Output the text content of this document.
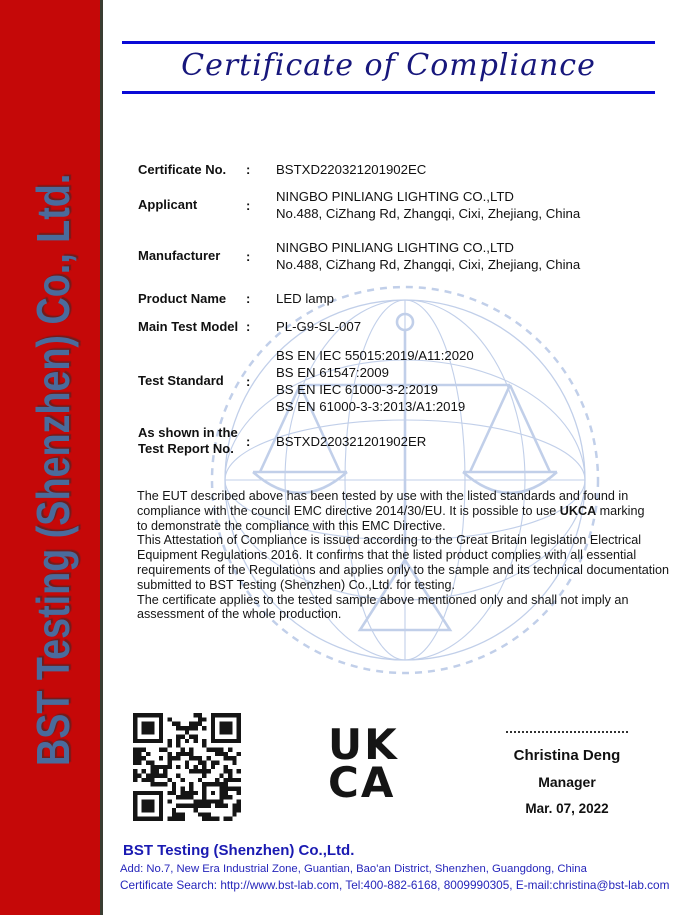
BST Testing (Shenzhen) Co., Ltd.
Certificate of Compliance
Certificate No.	:	BSTXD220321201902EC
Applicant	:
NINGBO PINLIANG LIGHTING CO.,LTD
No.488, CiZhang Rd, Zhangqi, Cixi, Zhejiang, China
Manufacturer	:
NINGBO PINLIANG LIGHTING CO.,LTD
No.488, CiZhang Rd, Zhangqi, Cixi, Zhejiang, China
Product Name	:	LED lamp
Main Test Model :	PL-G9-SL-007
Test Standard	:
BS EN IEC 55015:2019/A11:2020
BS EN 61547:2009
BS EN IEC 61000-3-2:2019
BS EN 61000-3-3:2013/A1:2019
As shown in the Test Report No. :	BSTXD220321201902ER
The EUT described above has been tested by use with the listed standards and found in
compliance with the council EMC directive 2014/30/EU. It is possible to use UKCA marking
to demonstrate the compliance with this EMC Directive.
This Attestation of Compliance is issued according to the Great Britain legislation Electrical
Equipment Regulations 2016. It confirms that the listed product complies with all essential
requirements of the Regulations and applies only to the sample and its technical documentation
submitted to BST Testing (Shenzhen) Co.,Ltd. for testing.
The certificate applies to the tested sample above mentioned only and shall not imply an
assessment of the whole production.
UK
CA
Christina Deng
Manager
Mar. 07, 2022
BST Testing (Shenzhen) Co.,Ltd.
Add: No.7, New Era Industrial Zone, Guantian, Bao'an District, Shenzhen, Guangdong, China
Certificate Search: http://www.bst-lab.com, Tel:400-882-6168, 8009990305, E-mail:christina@bst-lab.com
